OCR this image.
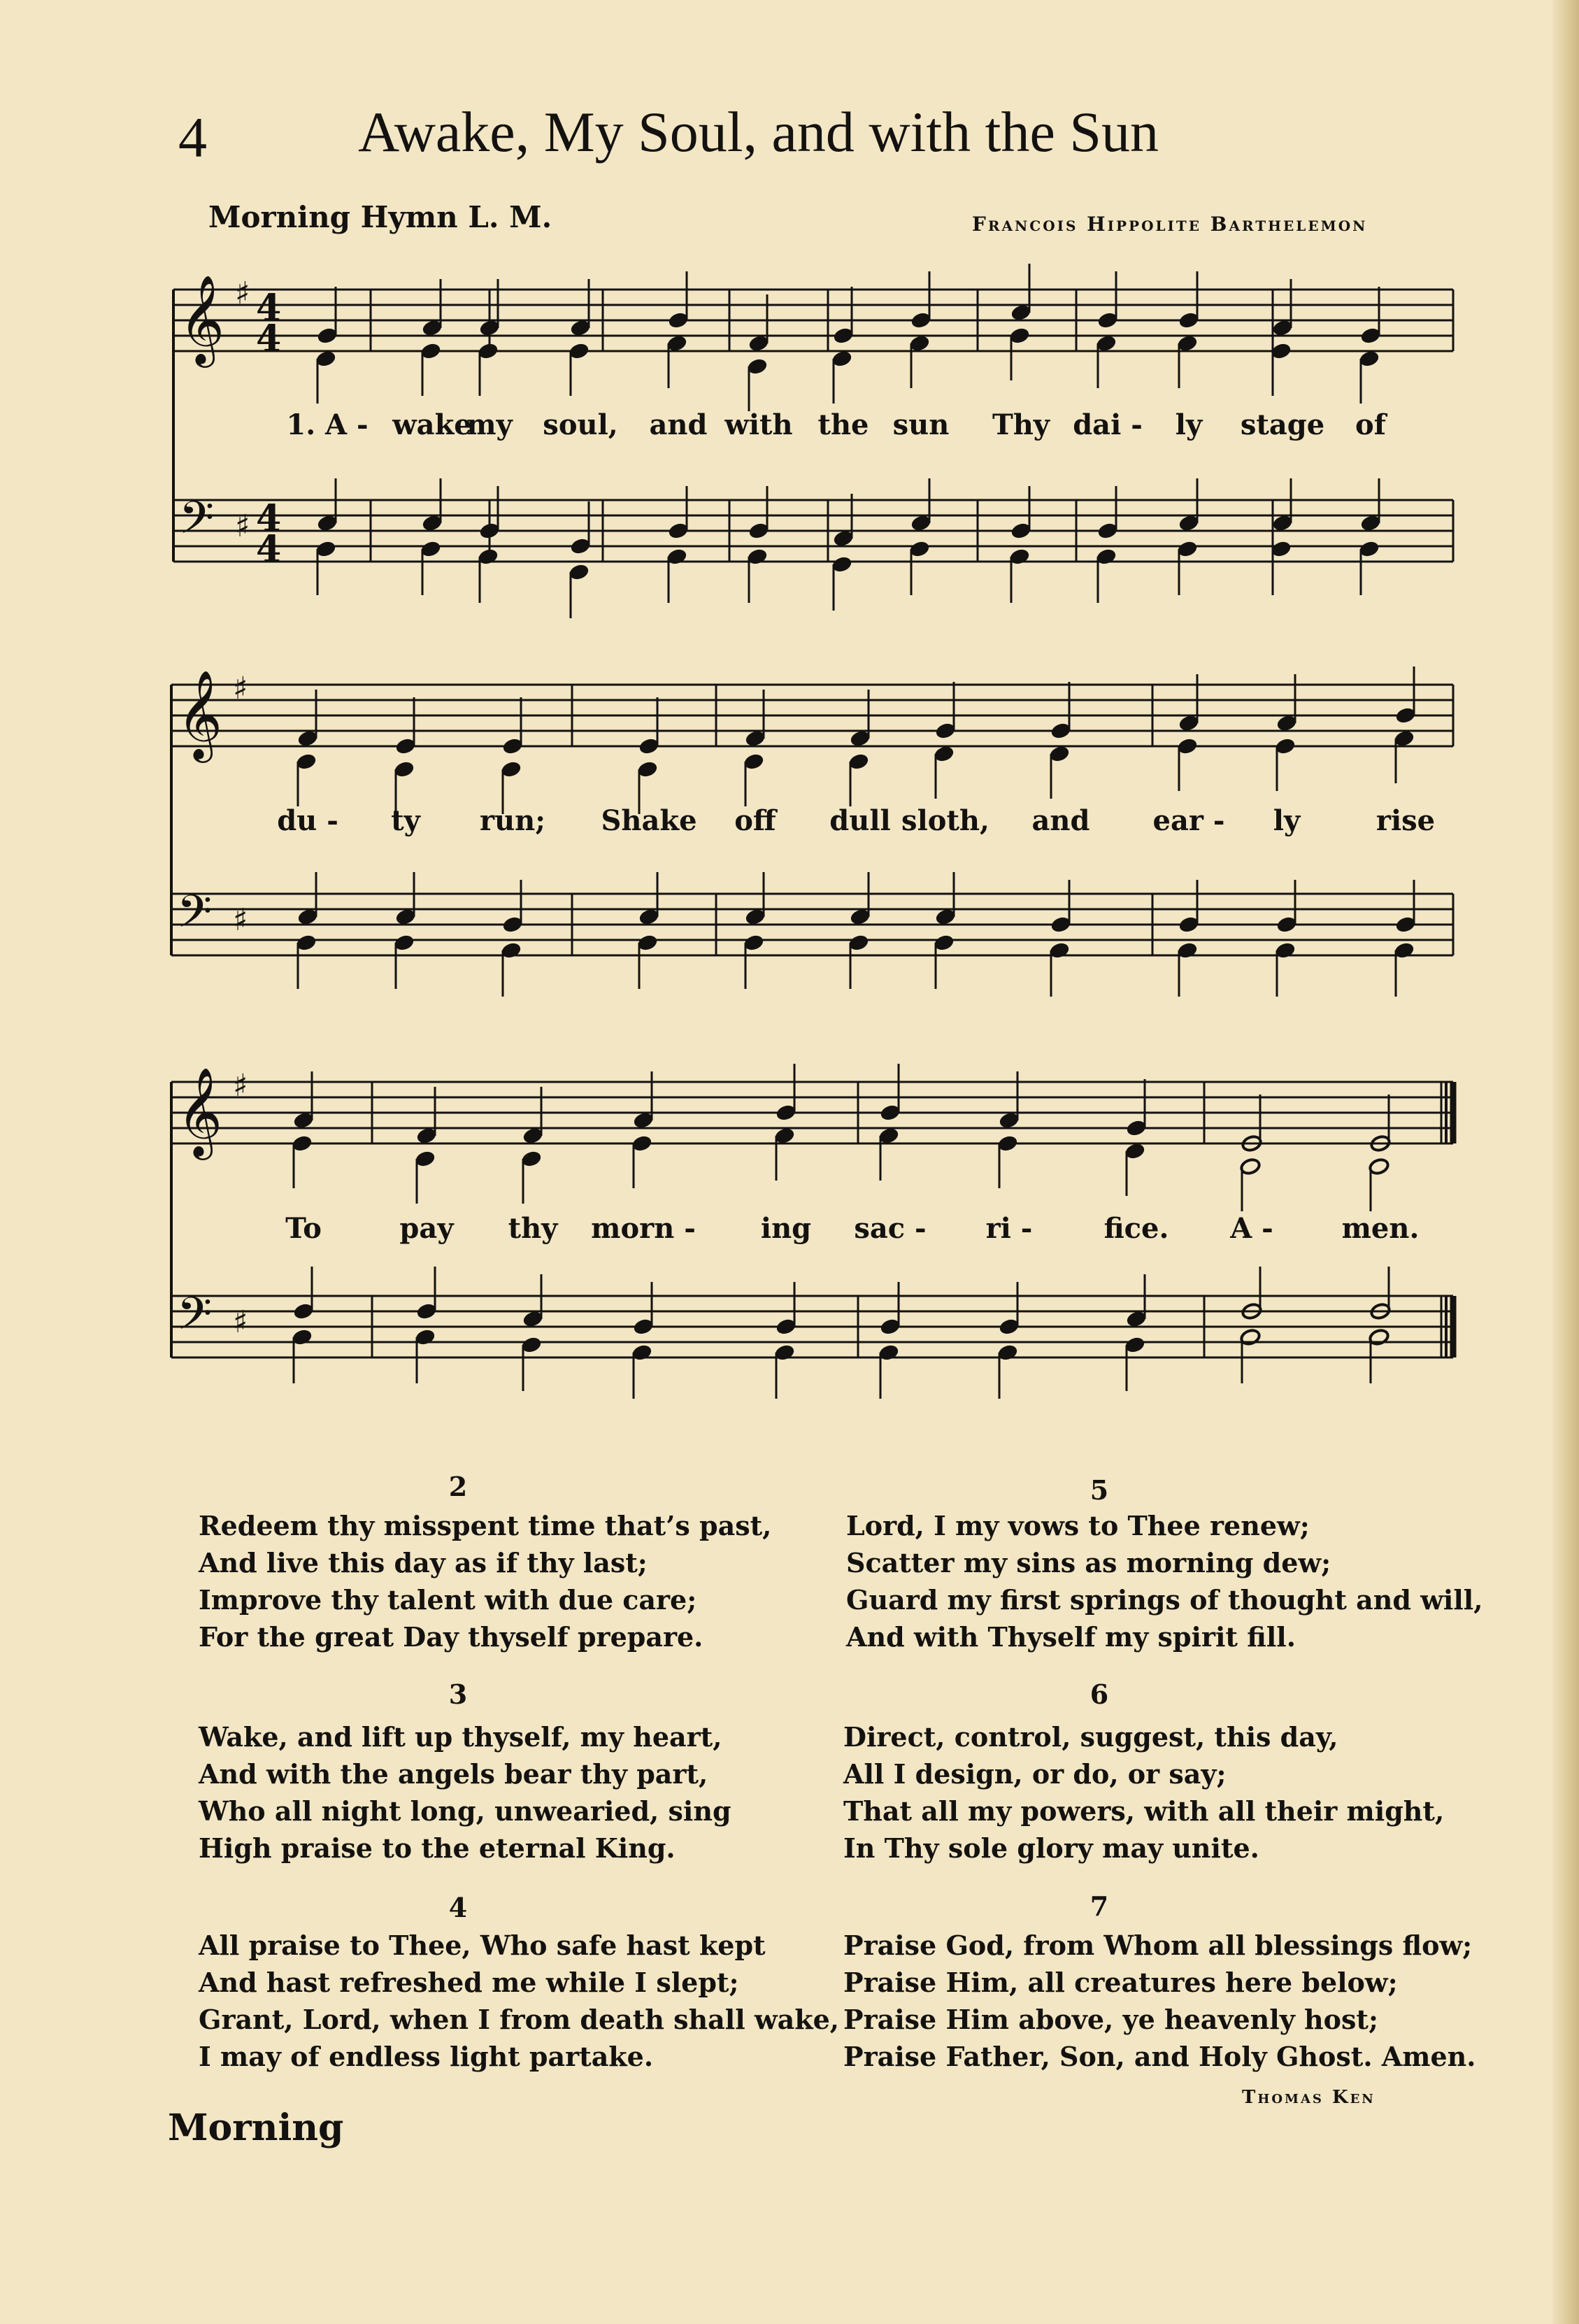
4	Awake, My Soul, and with the Sun
Morning Hymn L. M.	Francois Hippolite Barthelemon
𝄞
𝄢
♯
♯
4
4
4
4
𝄞
𝄢
♯
♯
𝄞
𝄢
♯
♯
1. A - wake
my soul, and with the sun Thy dai - ly stage of
du - ty run; Shake off dull sloth, and ear - ly	rise
To	pay thy morn - ing sac - ri -	fice. A - men.
2
Redeem thy misspent time that’s past,
And live this day as if thy last;
Improve thy talent with due care;
For the great Day thyself prepare.
3
Wake, and lift up thyself, my heart,
And with the angels bear thy part,
Who all night long, unwearied, sing
High praise to the eternal King.
4
All praise to Thee, Who safe hast kept
And hast refreshed me while I slept;
Grant, Lord, when I from death shall wake,
I may of endless light partake.
5
Lord, I my vows to Thee renew;
Scatter my sins as morning dew;
Guard my first springs of thought and will,
And with Thyself my spirit fill.
6
Direct, control, suggest, this day,
All I design, or do, or say;
That all my powers, with all their might,
In Thy sole glory may unite.
7
Praise God, from Whom all blessings flow;
Praise Him, all creatures here below;
Praise Him above, ye heavenly host;
Praise Father, Son, and Holy Ghost. Amen.
Thomas Ken
Morning
